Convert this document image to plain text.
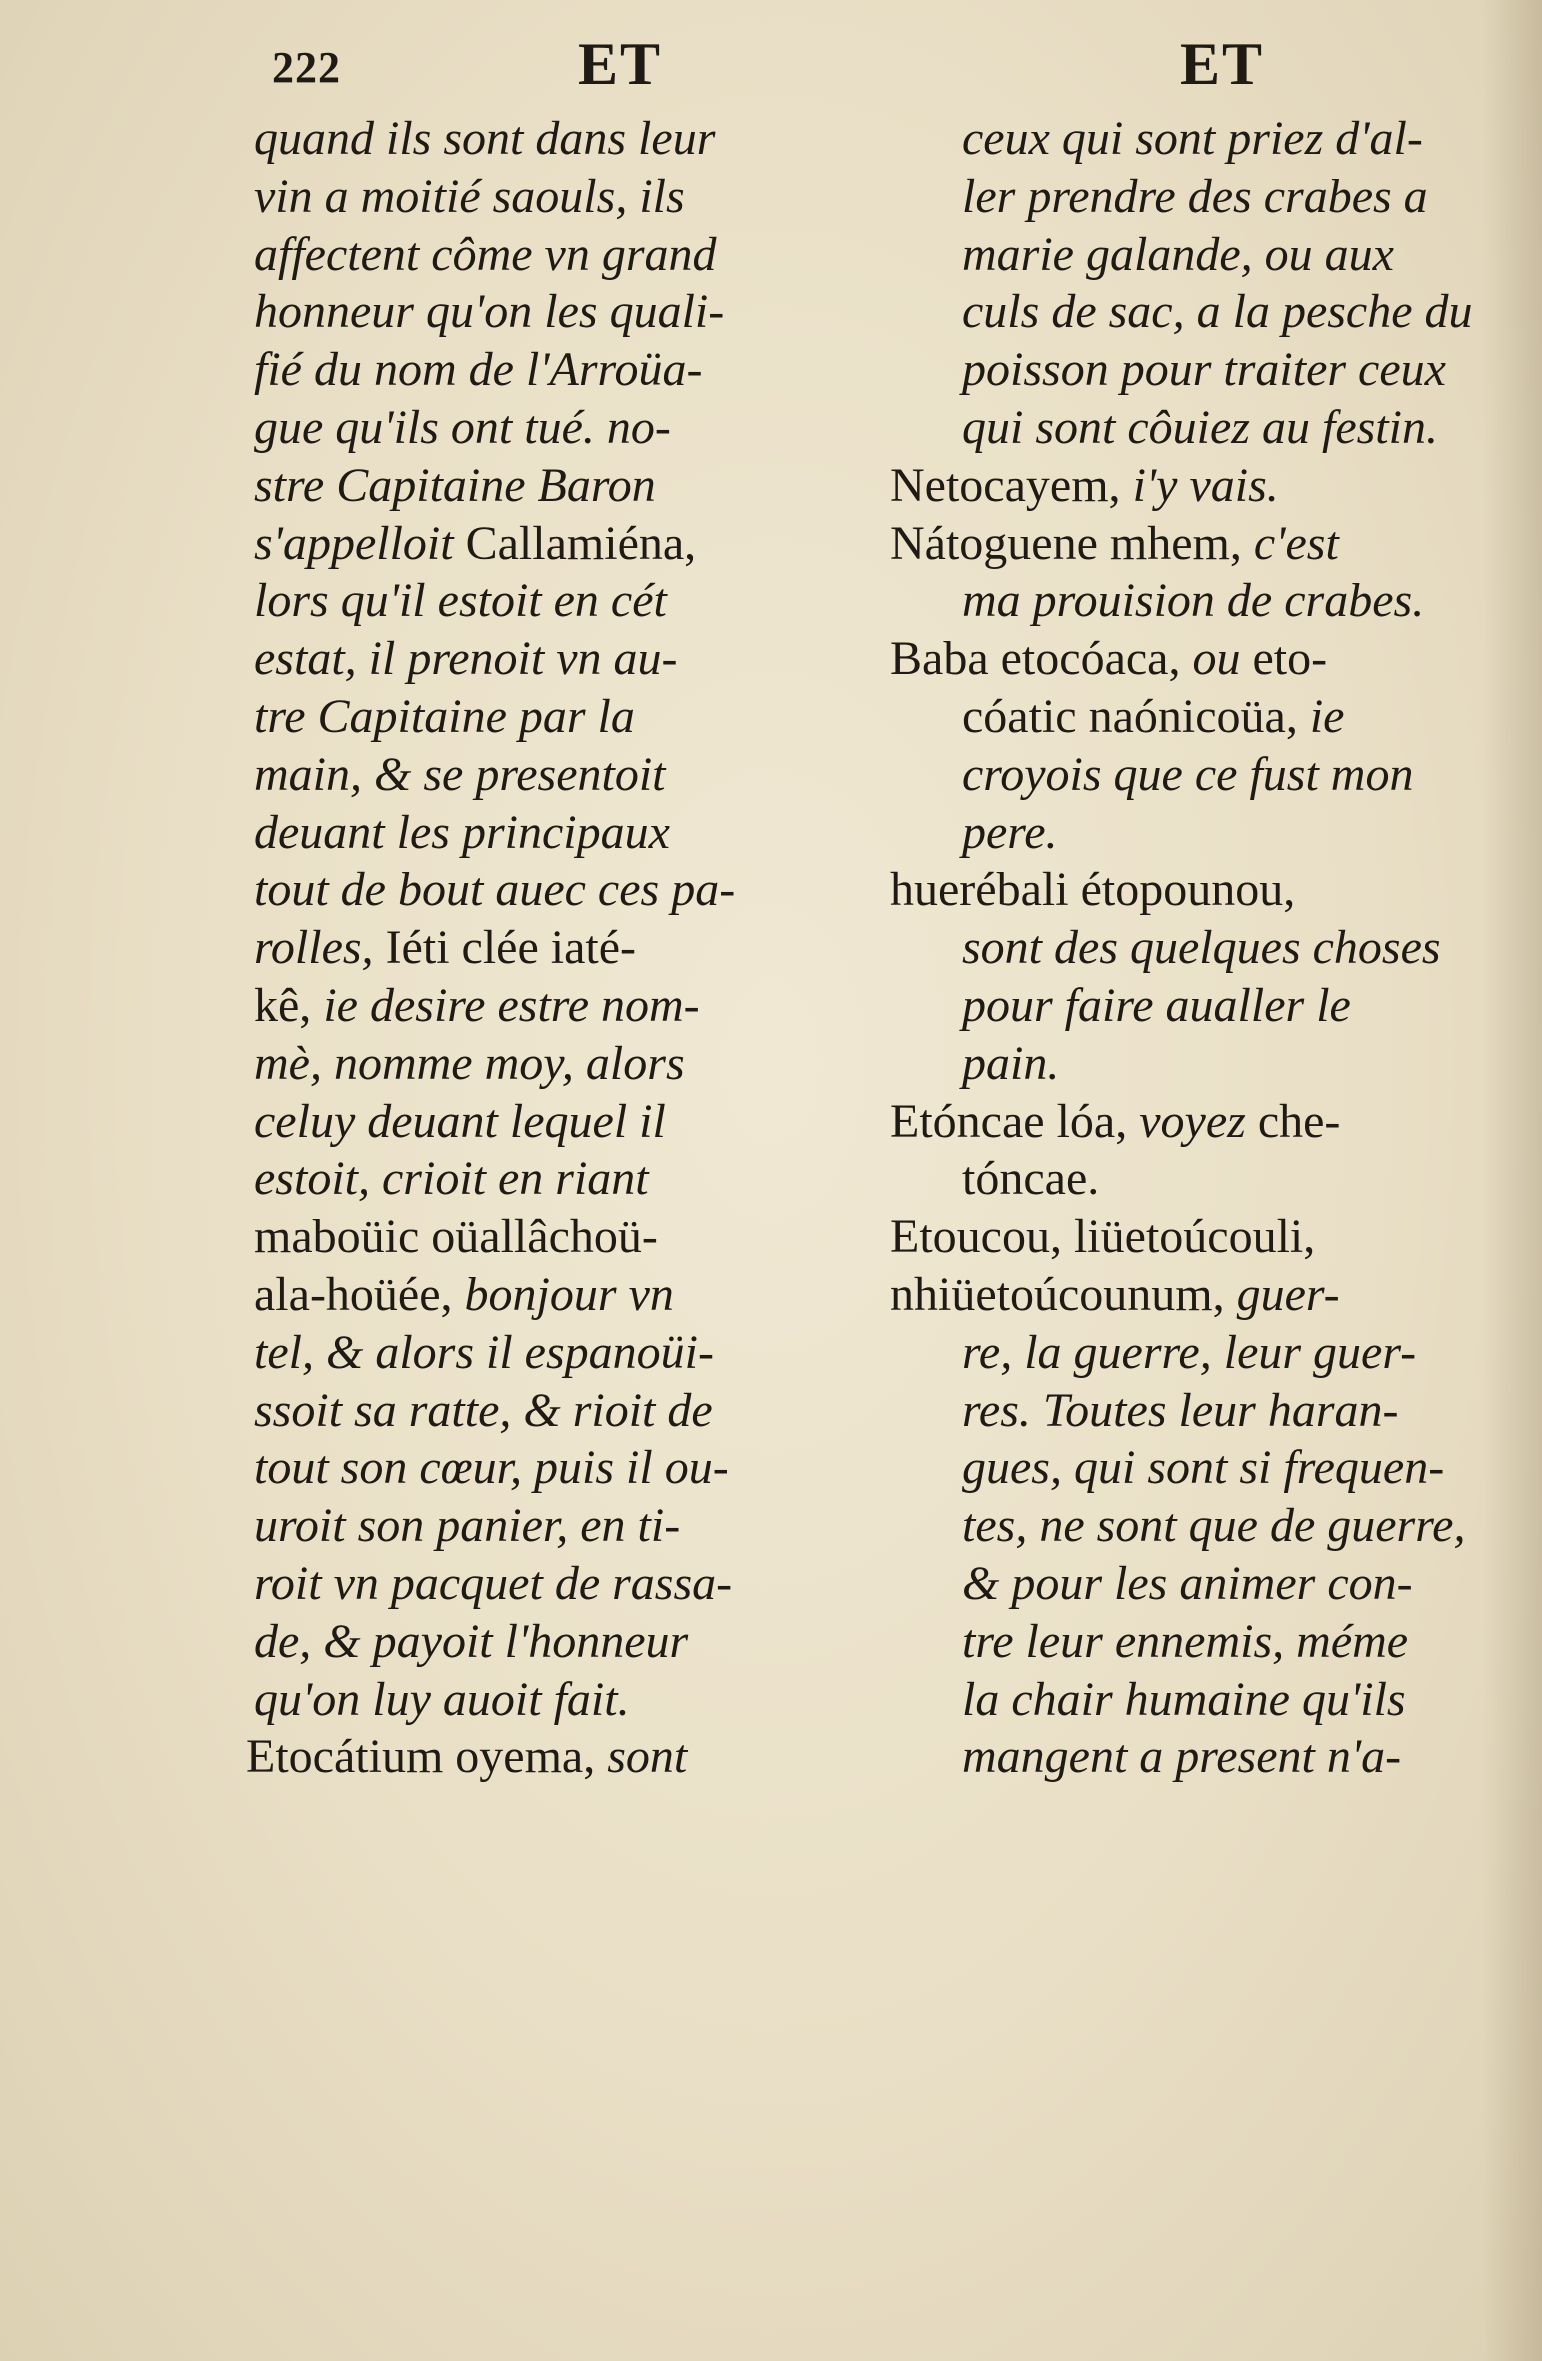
222	ET	ET
quand ils sont dans leur
vin a moitié saouls, ils
affectent côme vn grand
honneur qu'on les quali-
fié du nom de l'Arroüa-
gue qu'ils ont tué. no-
stre Capitaine Baron
s'appelloit Callamiéna,
lors qu'il estoit en cét
estat, il prenoit vn au-
tre Capitaine par la
main, & se presentoit
deuant les principaux
tout de bout auec ces pa-
rolles, Iéti clée iaté-
kê, ie desire estre nom-
mè, nomme moy, alors
celuy deuant lequel il
estoit, crioit en riant
maboüic oüallâchoü-
ala-hoüée, bonjour vn
tel, & alors il espanoüi-
ssoit sa ratte, & rioit de
tout son cœur, puis il ou-
uroit son panier, en ti-
roit vn pacquet de rassa-
de, & payoit l'honneur
qu'on luy auoit fait.
Etocátium oyema, sont
ceux qui sont priez d'al-
ler prendre des crabes a
marie galande, ou aux
culs de sac, a la pesche du
poisson pour traiter ceux
qui sont côuiez au festin.
Netocayem, i'y vais.
Nátoguene mhem, c'est
ma prouision de crabes.
Baba etocóaca, ou eto-
cóatic naónicoüa, ie
croyois que ce fust mon
pere.
huerébali étopounou,
sont des quelques choses
pour faire aualler le
pain.
Etóncae lóa, voyez che-
tóncae.
Etoucou, liüetoúcouli,
nhiüetoúcounum, guer-
re, la guerre, leur guer-
res. Toutes leur haran-
gues, qui sont si frequen-
tes, ne sont que de guerre,
& pour les animer con-
tre leur ennemis, méme
la chair humaine qu'ils
mangent a present n'a-
